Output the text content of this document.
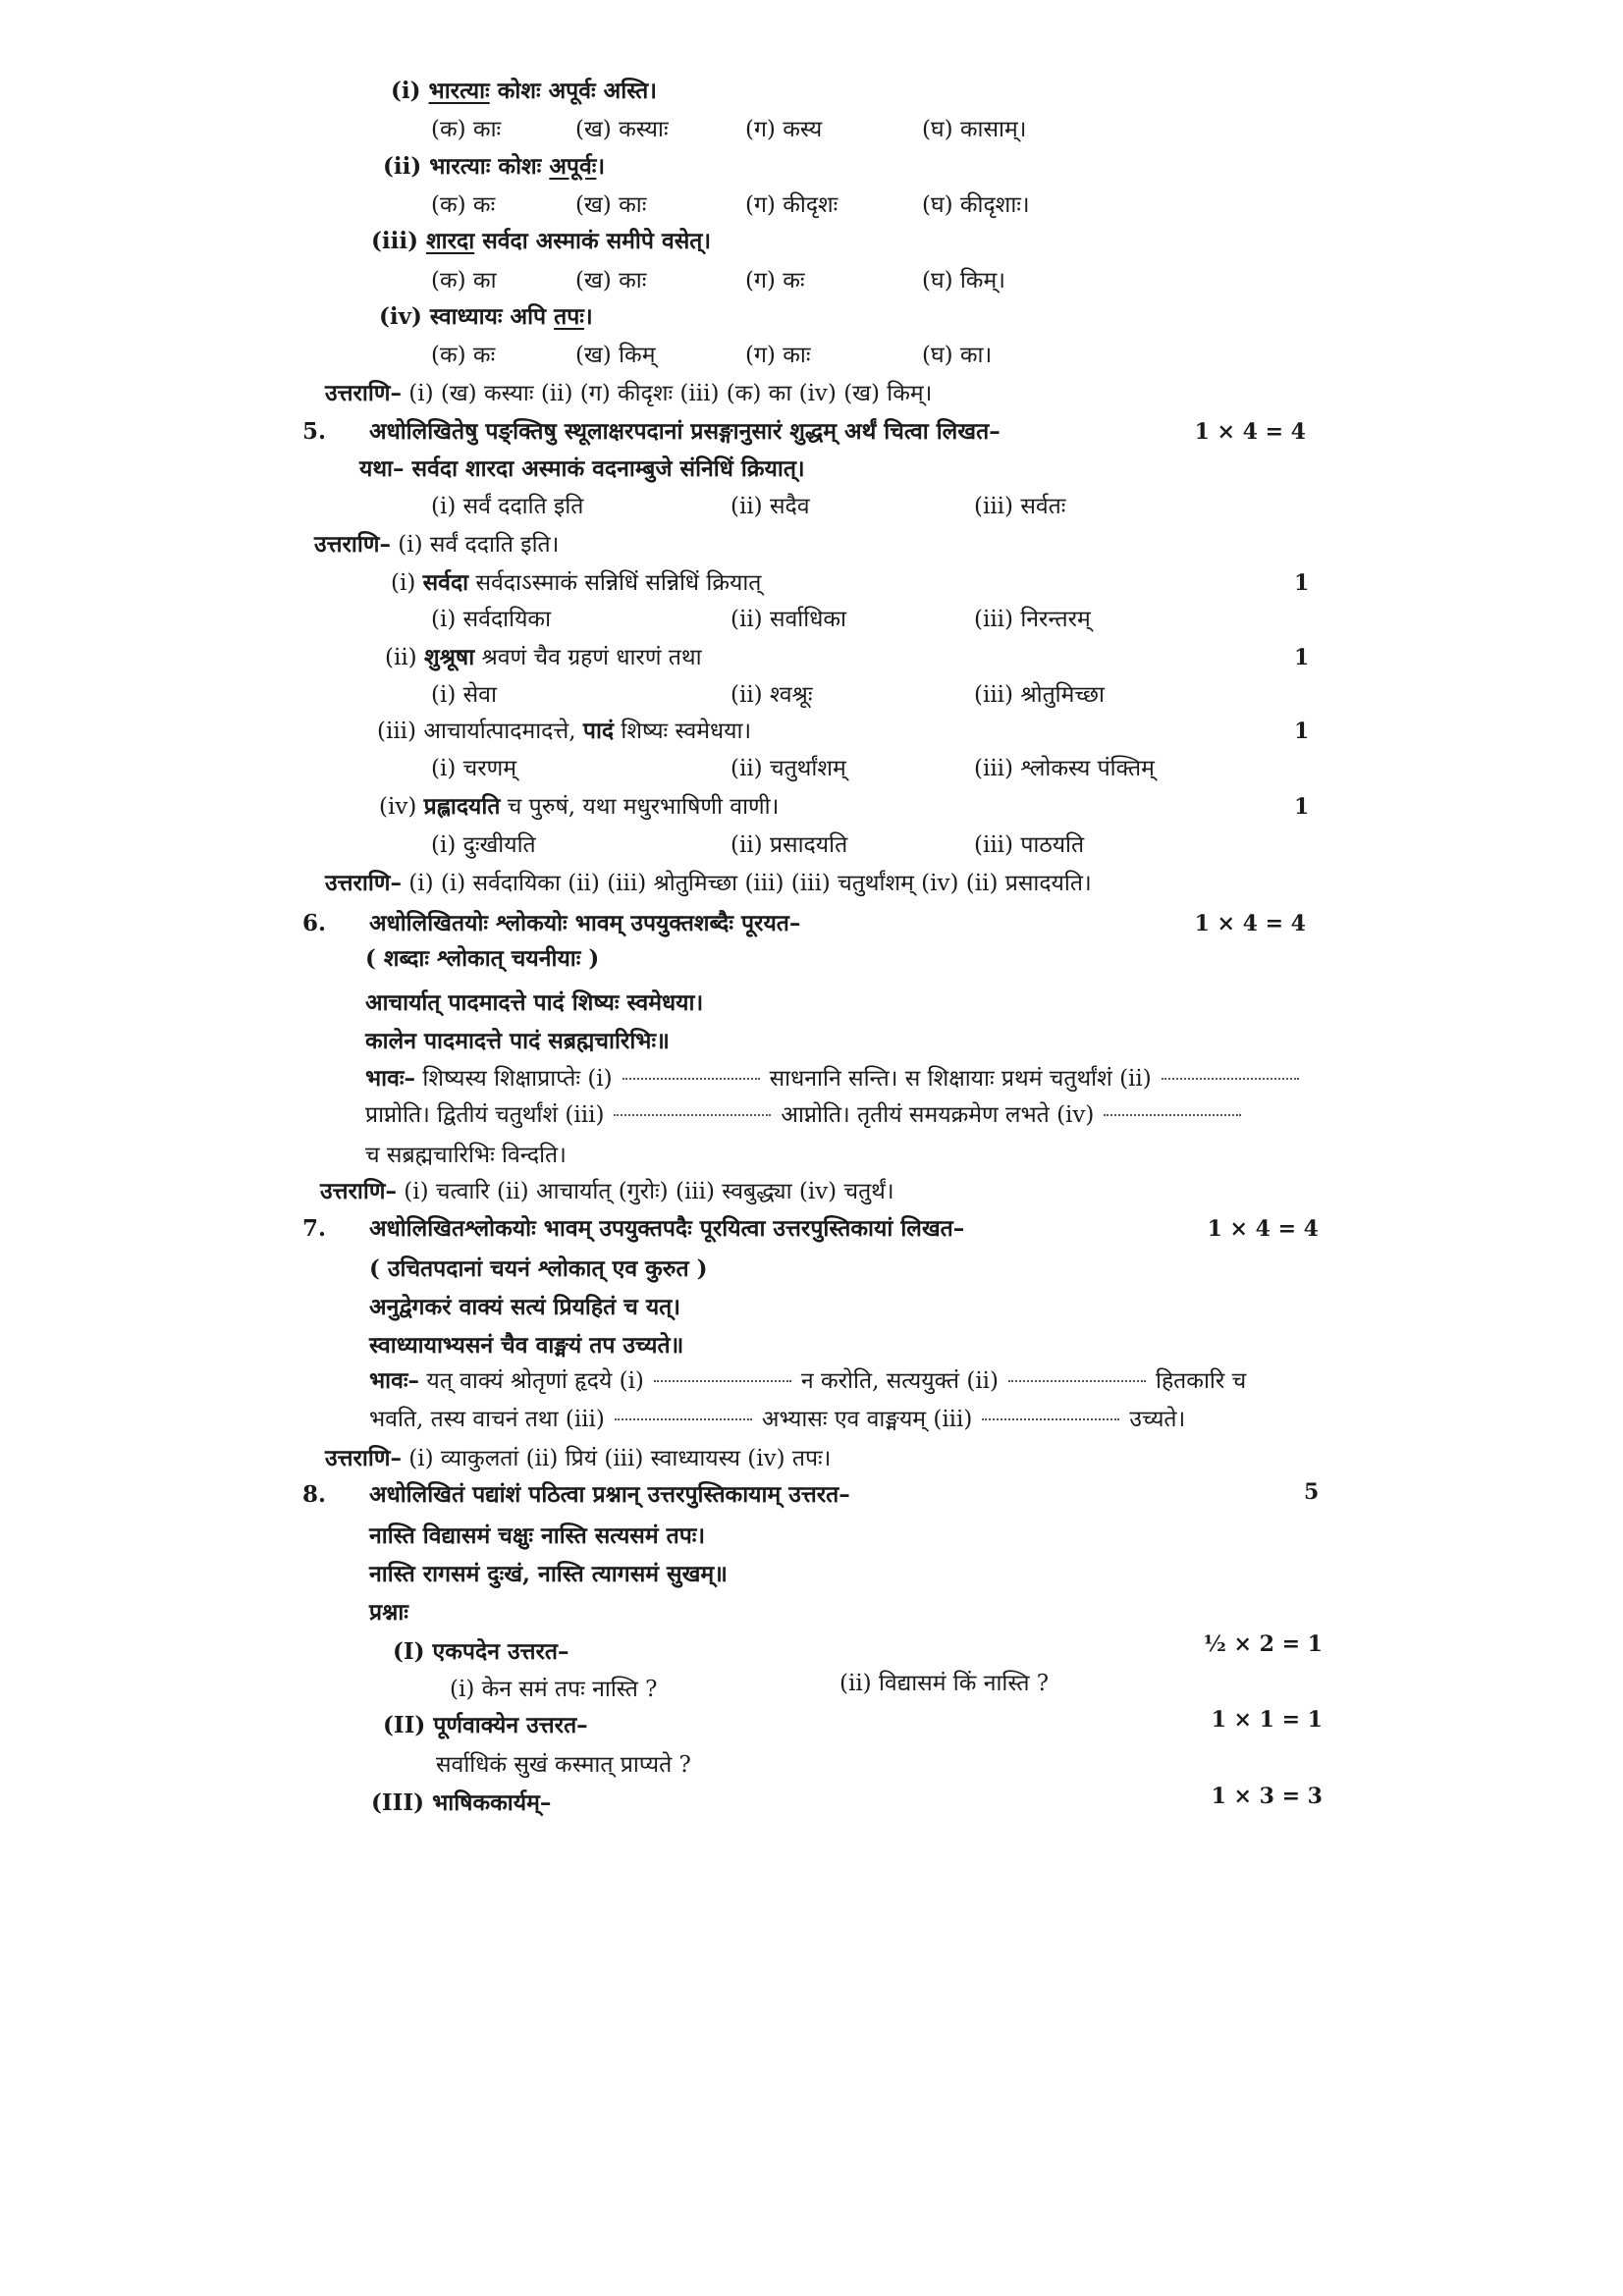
(i) भारत्याः कोशः अपूर्वः अस्ति।
(क) काः	(ख) कस्याः	(ग) कस्य	(घ) कासाम्।
(ii) भारत्याः कोशः अपूर्वः।
(क) कः	(ख) काः	(ग) कीदृशः	(घ) कीदृशाः।
(iii) शारदा सर्वदा अस्माकं समीपे वसेत्।
(क) का	(ख) काः	(ग) कः	(घ) किम्।
(iv) स्वाध्यायः अपि तपः।
(क) कः	(ख) किम्	(ग) काः	(घ) का।
उत्तराणि– (i) (ख) कस्याः (ii) (ग) कीदृशः (iii) (क) का (iv) (ख) किम्।
5. अधोलिखितेषु पङ्क्तिषु स्थूलाक्षरपदानां प्रसङ्गानुसारं शुद्धम् अर्थं चित्वा लिखत–	1 × 4 = 4
यथा– सर्वदा शारदा अस्माकं वदनाम्बुजे संनिधिं क्रियात्।
(i) सर्वं ददाति इति	(ii) सदैव	(iii) सर्वतः
उत्तराणि– (i) सर्वं ददाति इति।
(i) सर्वदा सर्वदाऽस्माकं सन्निधिं सन्निधिं क्रियात्	1
(i) सर्वदायिका	(ii) सर्वाधिका	(iii) निरन्तरम्
(ii) शुश्रूषा श्रवणं चैव ग्रहणं धारणं तथा	1
(i) सेवा	(ii) श्वश्रूः	(iii) श्रोतुमिच्छा
(iii) आचार्यात्पादमादत्ते, पादं शिष्यः स्वमेधया।	1
(i) चरणम्	(ii) चतुर्थांशम्	(iii) श्लोकस्य पंक्तिम्
(iv) प्रह्लादयति च पुरुषं, यथा मधुरभाषिणी वाणी।	1
(i) दुःखीयति	(ii) प्रसादयति	(iii) पाठयति
उत्तराणि– (i) (i) सर्वदायिका (ii) (iii) श्रोतुमिच्छा (iii) (iii) चतुर्थांशम् (iv) (ii) प्रसादयति।
6. अधोलिखितयोः श्लोकयोः भावम् उपयुक्तशब्दैः पूरयत–	1 × 4 = 4
( शब्दाः श्लोकात् चयनीयाः )
आचार्यात् पादमादत्ते पादं शिष्यः स्वमेधया।
कालेन पादमादत्ते पादं सब्रह्मचारिभिः॥
भावः– शिष्यस्य शिक्षाप्राप्तेः (i)	साधनानि सन्ति। स शिक्षायाः प्रथमं चतुर्थांशं (ii)
प्राप्नोति। द्वितीयं चतुर्थांशं (iii)	आप्नोति। तृतीयं समयक्रमेण लभते (iv)
च सब्रह्मचारिभिः विन्दति।
उत्तराणि– (i) चत्वारि (ii) आचार्यात् (गुरोः) (iii) स्वबुद्ध्या (iv) चतुर्थं।
7. अधोलिखितश्लोकयोः भावम् उपयुक्तपदैः पूरयित्वा उत्तरपुस्तिकायां लिखत–	1 × 4 = 4
( उचितपदानां चयनं श्लोकात् एव कुरुत )
अनुद्वेगकरं वाक्यं सत्यं प्रियहितं च यत्।
स्वाध्यायाभ्यसनं चैव वाङ्मयं तप उच्यते॥
भावः– यत् वाक्यं श्रोतृणां हृदये (i)	न करोति, सत्ययुक्तं (ii)	हितकारि च
भवति, तस्य वाचनं तथा (iii)	अभ्यासः एव वाङ्मयम् (iii)	उच्यते।
उत्तराणि– (i) व्याकुलतां (ii) प्रियं (iii) स्वाध्यायस्य (iv) तपः।
8. अधोलिखितं पद्यांशं पठित्वा प्रश्नान् उत्तरपुस्तिकायाम् उत्तरत–	5
नास्ति विद्यासमं चक्षुः नास्ति सत्यसमं तपः।
नास्ति रागसमं दुःखं, नास्ति त्यागसमं सुखम्॥
प्रश्नाः
(I) एकपदेन उत्तरत–	½ × 2 = 1
(i) केन समं तपः नास्ति ?	(ii) विद्यासमं किं नास्ति ?
(II) पूर्णवाक्येन उत्तरत–	1 × 1 = 1
सर्वाधिकं सुखं कस्मात् प्राप्यते ?
(III) भाषिककार्यम्–	1 × 3 = 3
